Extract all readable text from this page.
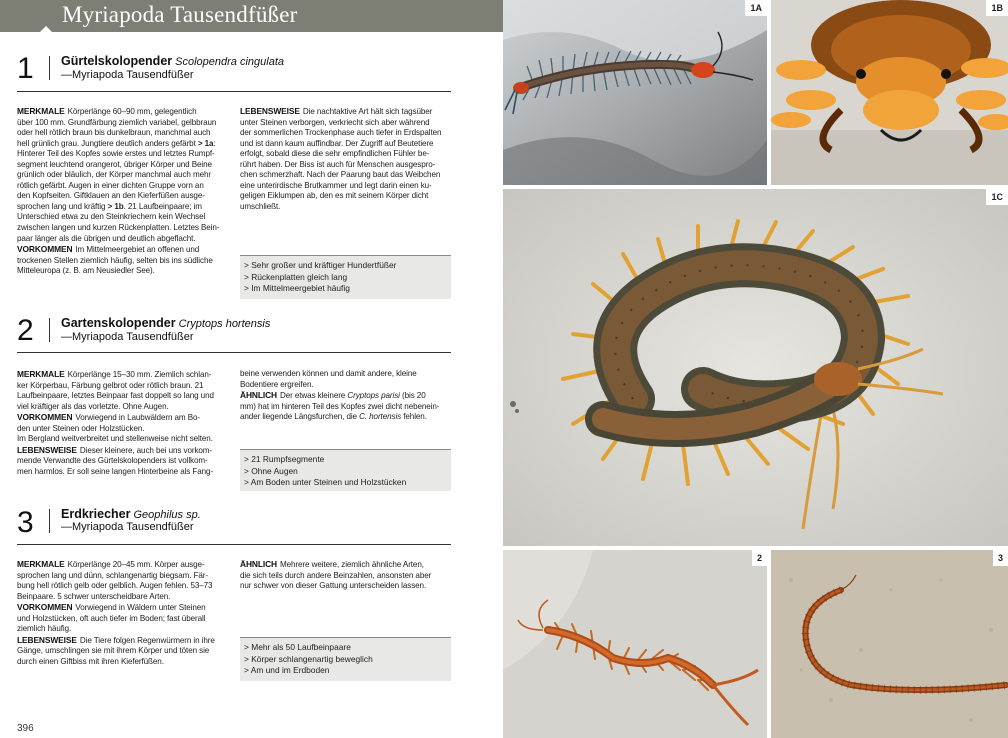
Myriapoda Tausendfüßer
1 Gürtelskolopender Scolopendra cingulata
—Myriapoda Tausendfüßer
MERKMALE Körperlänge 60–90 mm, gelegentlich
über 100 mm. Grundfärbung ziemlich variabel, gelbbraun
oder hell rötlich braun bis dunkelbraun, manchmal auch
hell grünlich grau. Jungtiere deutlich anders gefärbt > 1a:
Hinterer Teil des Kopfes sowie erstes und letztes Rumpf-
segment leuchtend orangerot, übriger Körper und Beine
grünlich oder bläulich, der Körper manchmal auch mehr
rötlich gefärbt. Augen in einer dichten Gruppe vorn an
den Kopfseiten. Giftklauen an den Kieferfüßen ausge-
sprochen lang und kräftig > 1b. 21 Laufbeinpaare; im
Unterschied etwa zu den Steinkriechern kein Wechsel
zwischen langen und kurzen Rückenplatten. Letztes Bein-
paar länger als die übrigen und deutlich abgeflacht.
VORKOMMEN Im Mittelmeergebiet an offenen und
trockenen Stellen ziemlich häufig, selten bis ins südliche
Mitteleuropa (z. B. am Neusiedler See).
LEBENSWEISE Die nachtaktive Art hält sich tagsüber
unter Steinen verborgen, verkriecht sich aber während
der sommerlichen Trockenphase auch tiefer in Erdspalten
und ist dann kaum auffindbar. Der Zugriff auf Beutetiere
erfolgt, sobald diese die sehr empfindlichen Fühler be-
rührt haben. Der Biss ist auch für Menschen ausgespro-
chen schmerzhaft. Nach der Paarung baut das Weibchen
eine unterirdische Brutkammer und legt darin einen ku-
geligen Eiklumpen ab, den es mit seinem Körper dicht
umschließt.
> Sehr großer und kräftiger Hundertfüßer
> Rückenplatten gleich lang
> Im Mittelmeergebiet häufig
2 Gartenskolopender Cryptops hortensis
—Myriapoda Tausendfüßer
MERKMALE Körperlänge 15–30 mm. Ziemlich schlan-
ker Körperbau, Färbung gelbrot oder rötlich braun. 21
Laufbeinpaare, letztes Beinpaar fast doppelt so lang und
viel kräftiger als das vorletzte. Ohne Augen.
VORKOMMEN Vorwiegend in Laubwäldern am Bo-
den unter Steinen oder Holzstücken.
Im Bergland weitverbreitet und stellenweise nicht selten.
LEBENSWEISE Dieser kleinere, auch bei uns vorkom-
mende Verwandte des Gürtelskolopenders ist vollkom-
men harmlos. Er soll seine langen Hinterbeine als Fang-
beine verwenden können und damit andere, kleine
Bodentiere ergreifen.
ÄHNLICH Der etwas kleinere Cryptops parisi (bis 20
mm) hat im hinteren Teil des Kopfes zwei dicht nebenein-
ander liegende Längsfurchen, die C. hortensis fehlen.
> 21 Rumpfsegmente
> Ohne Augen
> Am Boden unter Steinen und Holzstücken
3 Erdkriecher Geophilus sp.
—Myriapoda Tausendfüßer
MERKMALE Körperlänge 20–45 mm. Körper ausge-
sprochen lang und dünn, schlangenartig biegsam. Fär-
bung hell rötlich gelb oder gelblich. Augen fehlen. 53–73
Beinpaare. 5 schwer unterscheidbare Arten.
VORKOMMEN Vorwiegend in Wäldern unter Steinen
und Holzstücken, oft auch tiefer im Boden; fast überall
ziemlich häufig.
LEBENSWEISE Die Tiere folgen Regenwürmern in ihre
Gänge, umschlingen sie mit ihrem Körper und töten sie
durch einen Giftbiss mit ihren Kieferfüßen.
ÄHNLICH Mehrere weitere, ziemlich ähnliche Arten,
die sich teils durch andere Beinzahlen, ansonsten aber
nur schwer von dieser Gattung unterscheiden lassen.
> Mehr als 50 Laufbeinpaare
> Körper schlangenartig beweglich
> Am und im Erdboden
396
1A	1B
1C
2	3
